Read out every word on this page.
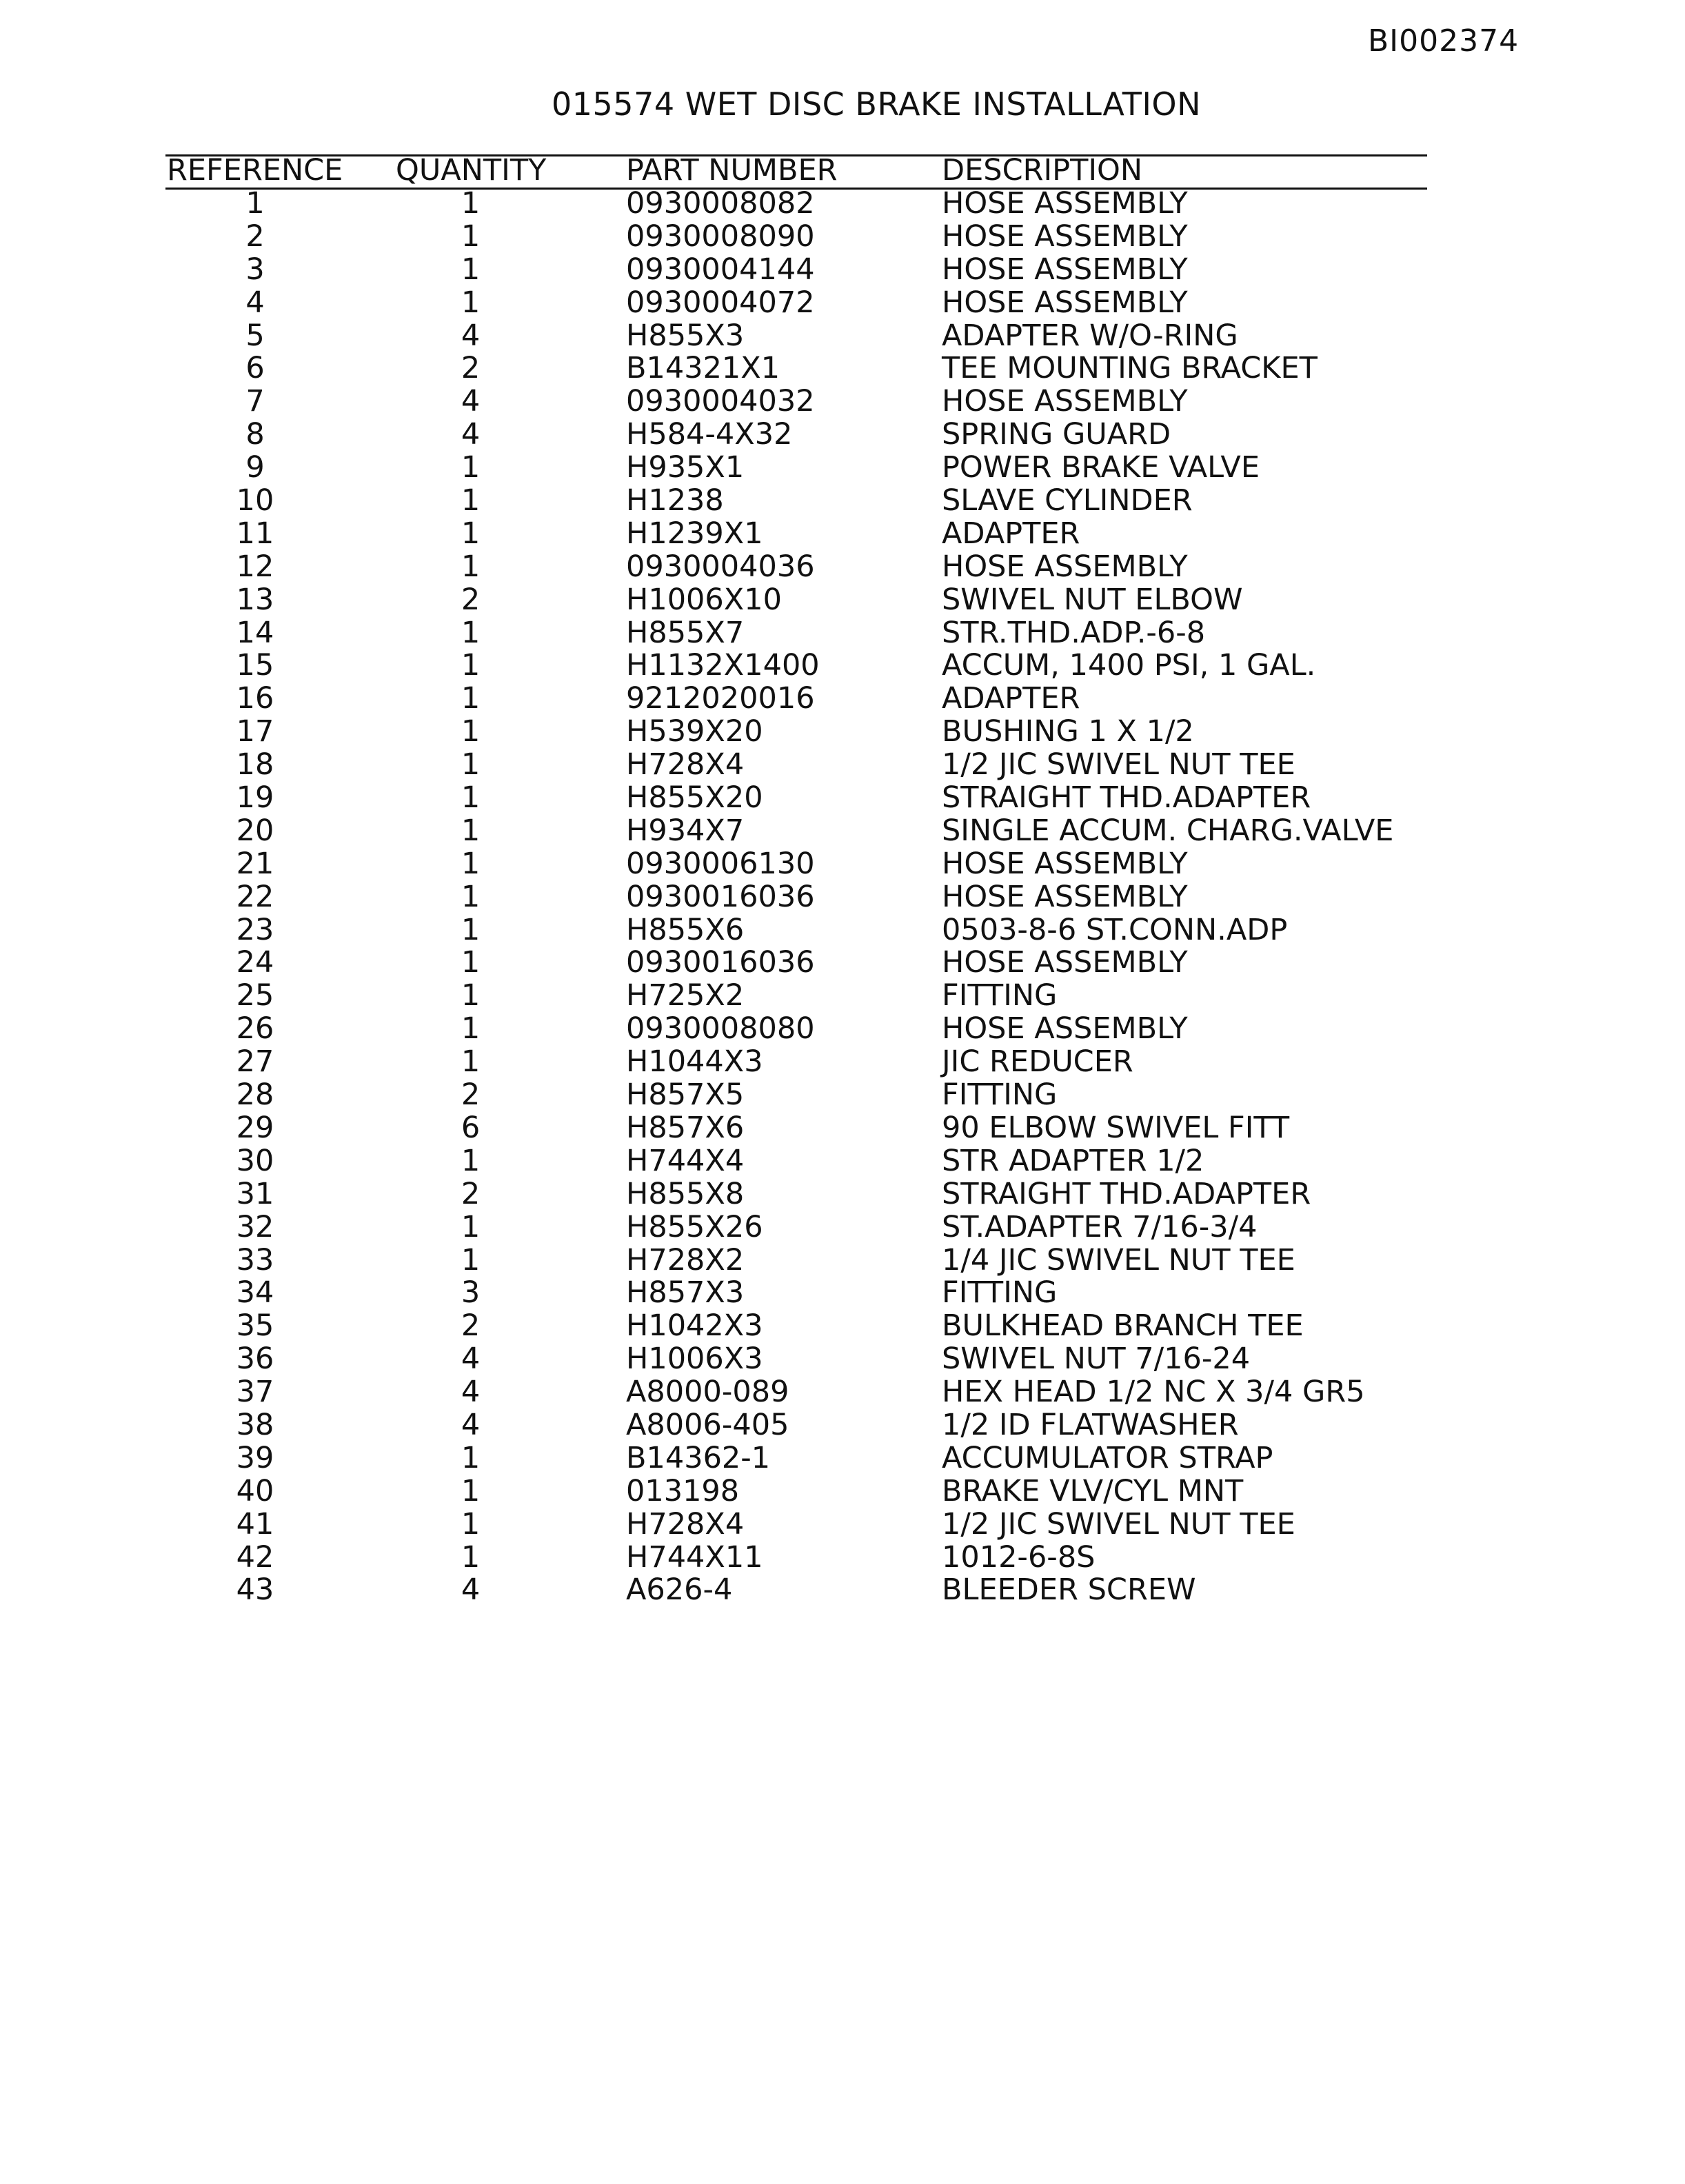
BI002374
015574 WET DISC BRAKE INSTALLATION
REFERENCE QUANTITY	PART NUMBER	DESCRIPTION
1	1	0930008082	HOSE ASSEMBLY
2	1	0930008090	HOSE ASSEMBLY
3	1	0930004144	HOSE ASSEMBLY
4	1	0930004072	HOSE ASSEMBLY
5	4	H855X3	ADAPTER W/O-RING
6	2	B14321X1	TEE MOUNTING BRACKET
7	4	0930004032	HOSE ASSEMBLY
8	4	H584-4X32	SPRING GUARD
9	1	H935X1	POWER BRAKE VALVE
10	1	H1238	SLAVE CYLINDER
11	1	H1239X1	ADAPTER
12	1	0930004036	HOSE ASSEMBLY
13	2	H1006X10	SWIVEL NUT ELBOW
14	1	H855X7	STR.THD.ADP.-6-8
15	1	H1132X1400	ACCUM, 1400 PSI, 1 GAL.
16	1	9212020016	ADAPTER
17	1	H539X20	BUSHING 1 X 1/2
18	1	H728X4	1/2 JIC SWIVEL NUT TEE
19	1	H855X20	STRAIGHT THD.ADAPTER
20	1	H934X7	SINGLE ACCUM. CHARG.VALVE
21	1	0930006130	HOSE ASSEMBLY
22	1	0930016036	HOSE ASSEMBLY
23	1	H855X6	0503-8-6 ST.CONN.ADP
24	1	0930016036	HOSE ASSEMBLY
25	1	H725X2	FITTING
26	1	0930008080	HOSE ASSEMBLY
27	1	H1044X3	JIC REDUCER
28	2	H857X5	FITTING
29	6	H857X6	90 ELBOW SWIVEL FITT
30	1	H744X4	STR ADAPTER 1/2
31	2	H855X8	STRAIGHT THD.ADAPTER
32	1	H855X26	ST.ADAPTER 7/16-3/4
33	1	H728X2	1/4 JIC SWIVEL NUT TEE
34	3	H857X3	FITTING
35	2	H1042X3	BULKHEAD BRANCH TEE
36	4	H1006X3	SWIVEL NUT 7/16-24
37	4	A8000-089	HEX HEAD 1/2 NC X 3/4 GR5
38	4	A8006-405	1/2 ID FLATWASHER
39	1	B14362-1	ACCUMULATOR STRAP
40	1	013198	BRAKE VLV/CYL MNT
41	1	H728X4	1/2 JIC SWIVEL NUT TEE
42	1	H744X11	1012-6-8S
43	4	A626-4	BLEEDER SCREW
